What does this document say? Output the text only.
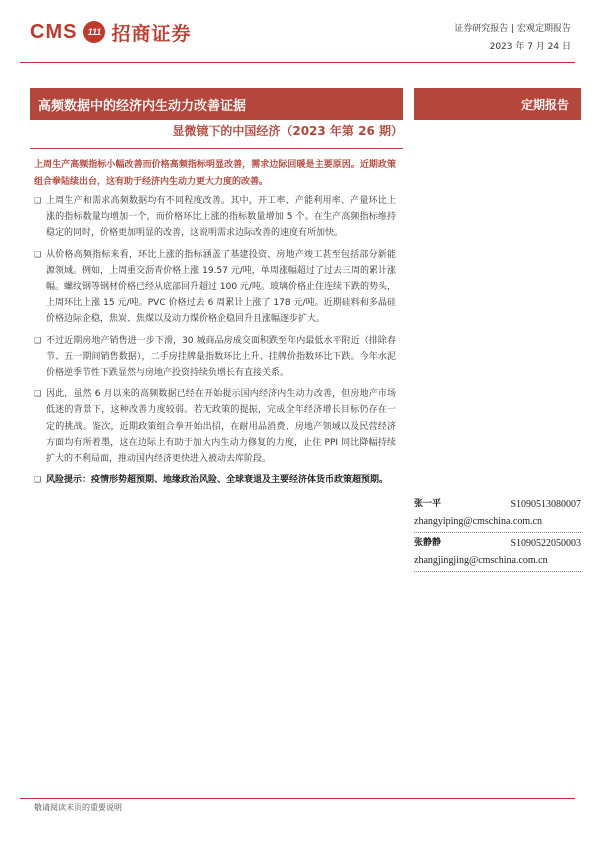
CMS 111 招商证券	证券研究报告 | 宏观定期报告
2023 年 7 月 24 日
高频数据中的经济内生动力改善证据	定期报告
显微镜下的中国经济（2023 年第 26 期）
上周生产高频指标小幅改善而价格高频指标明显改善，需求边际回暖是主要原因。近期政策组合拳陆续出台，这有助于经济内生动力更大力度的改善。
❑ 上周生产和需求高频数据均有不同程度改善。其中，开工率、产能利用率、产量环比上涨的指标数量均增加一个，而价格环比上涨的指标数量增加 5 个。在生产高频指标维持稳定的同时，价格更加明显的改善，这说明需求边际改善的速度有所加快。
❑ 从价格高频指标来看，环比上涨的指标涵盖了基建投资、房地产竣工甚至包括部分新能源领域。例如，上周重交沥青价格上涨 19.57 元/吨，单周涨幅超过了过去三周的累计涨幅。螺纹钢等钢材价格已经从底部回升超过 100 元/吨。玻璃价格止住连续下跌的势头，上周环比上涨 15 元/吨。PVC 价格过去 6 周累计上涨了 178 元/吨。近期硅料和多晶硅价格边际企稳，焦炭、焦煤以及动力煤价格企稳回升且涨幅逐步扩大。
❑ 不过近期房地产销售进一步下滑，30 城商品房成交面积跌至年内最低水平附近（排除春节、五一期间销售数据），二手房挂牌量指数环比上升、挂牌价指数环比下跌。今年水泥价格逆季节性下跌显然与房地产投资持续负增长有直接关系。
❑ 因此，虽然 6 月以来的高频数据已经在开始提示国内经济内生动力改善，但房地产市场低迷的背景下，这种改善力度较弱。若无政策的提振，完成全年经济增长目标仍存在一定的挑战。鉴次，近期政策组合拳开始出招，在耐用品消费、房地产领域以及民营经济方面均有所着墨，这在边际上有助于加大内生动力修复的力度，止住 PPI 同比降幅持续扩大的不利局面，推动国内经济更快进入被动去库阶段。
❑ 风险提示：疫情形势超预期、地缘政治风险、全球衰退及主要经济体货币政策超预期。
张一平	S1090513080007
zhangyiping@cmschina.com.cn
张静静	S1090522050003
zhangjingjing@cmschina.com.cn
敬请阅读末页的重要说明
